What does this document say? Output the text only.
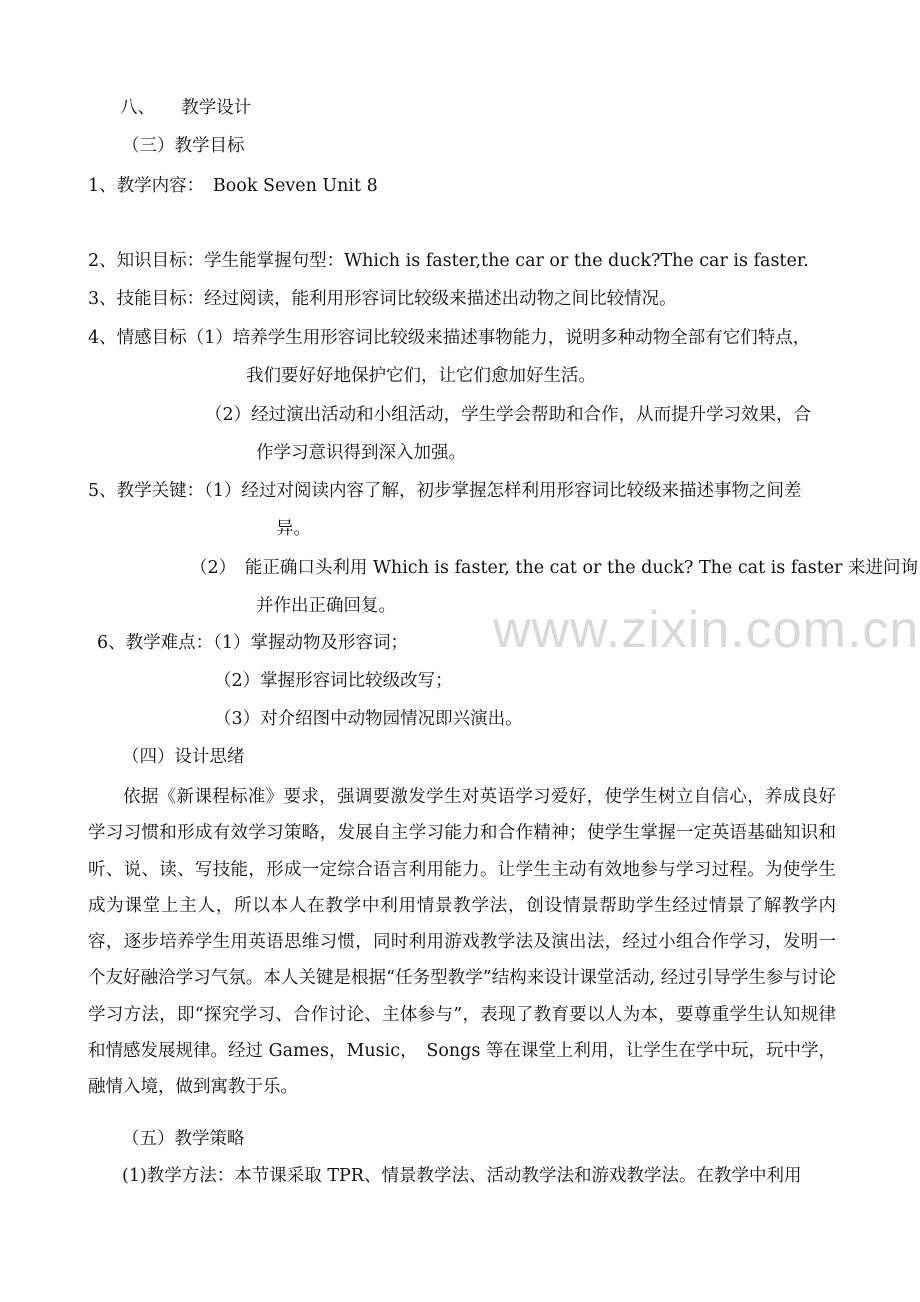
www.zixin.com.cn
八、　　教学设计
（三）教学目标
1、教学内容：　Book Seven Unit 8
2、知识目标：学生能掌握句型：Which is faster,the car or the duck?The car is faster.
3、技能目标：经过阅读，能利用形容词比较级来描述出动物之间比较情况。
4、情感目标（1）培养学生用形容词比较级来描述事物能力，说明多种动物全部有它们特点，
我们要好好地保护它们，让它们愈加好生活。
（2）经过演出活动和小组活动，学生学会帮助和合作，从而提升学习效果，合
作学习意识得到深入加强。
5、教学关键：（1）经过对阅读内容了解，初步掌握怎样利用形容词比较级来描述事物之间差
异。
（2）　能正确口头利用 Which is faster, the cat or the duck? The cat is faster 来进问询
并作出正确回复。
6、教学难点：（1）掌握动物及形容词；
（2）掌握形容词比较级改写；
（3）对介绍图中动物园情况即兴演出。
（四）设计思绪
依据《新课程标准》要求，强调要激发学生对英语学习爱好，使学生树立自信心，养成良好学习习惯和形成有效学习策略，发展自主学习能力和合作精神；使学生掌握一定英语基础知识和听、说、读、写技能，形成一定综合语言利用能力。让学生主动有效地参与学习过程。为使学生成为课堂上主人，所以本人在教学中利用情景教学法，创设情景帮助学生经过情景了解教学内容，逐步培养学生用英语思维习惯，同时利用游戏教学法及演出法，经过小组合作学习，发明一个友好融洽学习气氛。本人关键是根据“任务型教学”结构来设计课堂活动, 经过引导学生参与讨论学习方法，即“探究学习、合作讨论、主体参与”，表现了教育要以人为本，要尊重学生认知规律和情感发展规律。经过 Games，Music，　Songs 等在课堂上利用，让学生在学中玩，玩中学，融情入境，做到寓教于乐。
（五）教学策略
(1)教学方法：本节课采取 TPR、情景教学法、活动教学法和游戏教学法。在教学中利用
